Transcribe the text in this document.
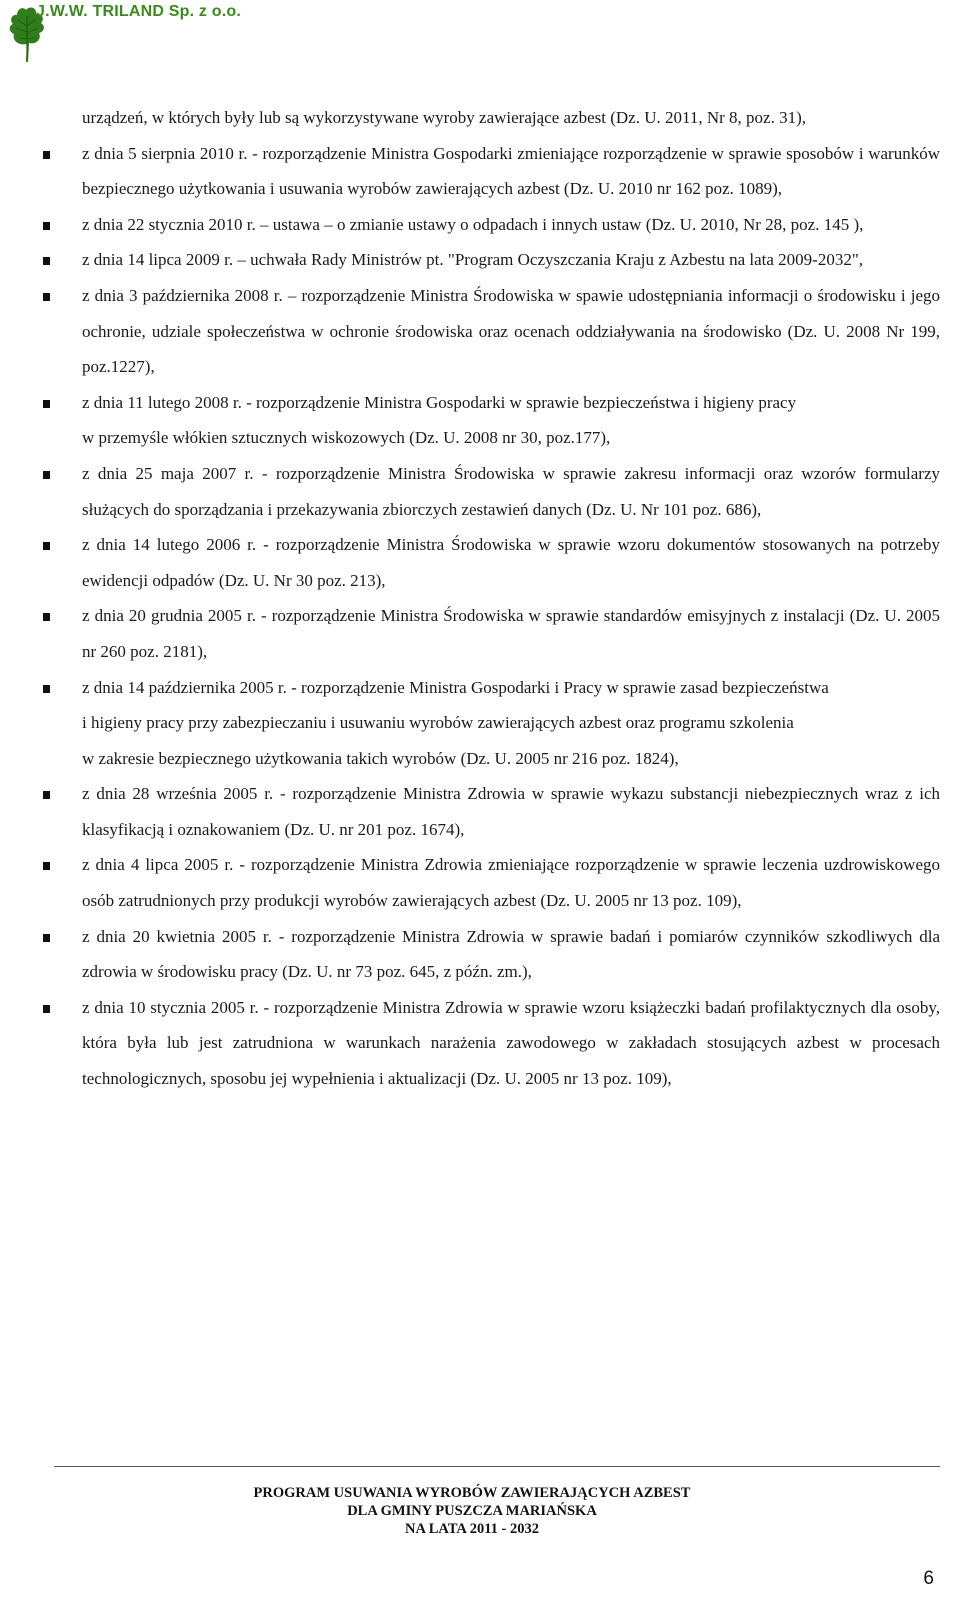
J.W.W. TRILAND Sp. z o.o.
urządzeń, w których były lub są wykorzystywane wyroby zawierające azbest (Dz. U. 2011, Nr 8, poz. 31),
z dnia 5 sierpnia 2010 r. - rozporządzenie Ministra Gospodarki zmieniające rozporządzenie w sprawie sposobów i warunków bezpiecznego użytkowania i usuwania wyrobów zawierających azbest (Dz. U. 2010 nr 162 poz. 1089),
z dnia 22 stycznia 2010 r. – ustawa – o zmianie ustawy o odpadach i innych ustaw (Dz. U. 2010, Nr 28, poz. 145 ),
z dnia 14 lipca 2009 r. – uchwała Rady Ministrów pt. "Program Oczyszczania Kraju z Azbestu na lata 2009-2032",
z dnia 3 października 2008 r. – rozporządzenie Ministra Środowiska w spawie udostępniania informacji o środowisku i jego ochronie, udziale społeczeństwa w ochronie środowiska oraz ocenach oddziaływania na środowisko (Dz. U. 2008 Nr 199, poz.1227),
z dnia 11 lutego 2008 r. - rozporządzenie Ministra Gospodarki w sprawie bezpieczeństwa i higieny pracy
w przemyśle włókien sztucznych wiskozowych (Dz. U. 2008 nr 30, poz.177),
z dnia 25 maja 2007 r. - rozporządzenie Ministra Środowiska w sprawie zakresu informacji oraz wzorów formularzy służących do sporządzania i przekazywania zbiorczych zestawień danych (Dz. U. Nr 101 poz. 686),
z dnia 14 lutego 2006 r. - rozporządzenie Ministra Środowiska w sprawie wzoru dokumentów stosowanych na potrzeby ewidencji odpadów (Dz. U. Nr 30 poz. 213),
z dnia 20 grudnia 2005 r. - rozporządzenie Ministra Środowiska w sprawie standardów emisyjnych z instalacji (Dz. U. 2005 nr 260 poz. 2181),
z dnia 14 października 2005 r. - rozporządzenie Ministra Gospodarki i Pracy w sprawie zasad bezpieczeństwa
i higieny pracy przy zabezpieczaniu i usuwaniu wyrobów zawierających azbest oraz programu szkolenia
w zakresie bezpiecznego użytkowania takich wyrobów (Dz. U. 2005 nr 216 poz. 1824),
z dnia 28 września 2005 r. - rozporządzenie Ministra Zdrowia w sprawie wykazu substancji niebezpiecznych wraz z ich klasyfikacją i oznakowaniem (Dz. U. nr 201 poz. 1674),
z dnia 4 lipca 2005 r. - rozporządzenie Ministra Zdrowia zmieniające rozporządzenie w sprawie leczenia uzdrowiskowego osób zatrudnionych przy produkcji wyrobów zawierających azbest (Dz. U. 2005 nr 13 poz. 109),
z dnia 20 kwietnia 2005 r. - rozporządzenie Ministra Zdrowia w sprawie badań i pomiarów czynników szkodliwych dla zdrowia w środowisku pracy (Dz. U. nr 73 poz. 645, z późn. zm.),
z dnia 10 stycznia 2005 r. - rozporządzenie Ministra Zdrowia w sprawie wzoru książeczki badań profilaktycznych dla osoby, która była lub jest zatrudniona w warunkach narażenia zawodowego w zakładach stosujących azbest w procesach technologicznych, sposobu jej wypełnienia i aktualizacji (Dz. U. 2005 nr 13 poz. 109),
PROGRAM USUWANIA WYROBÓW ZAWIERAJĄCYCH AZBEST
DLA GMINY PUSZCZA MARIAŃSKA
NA LATA 2011 - 2032
6
